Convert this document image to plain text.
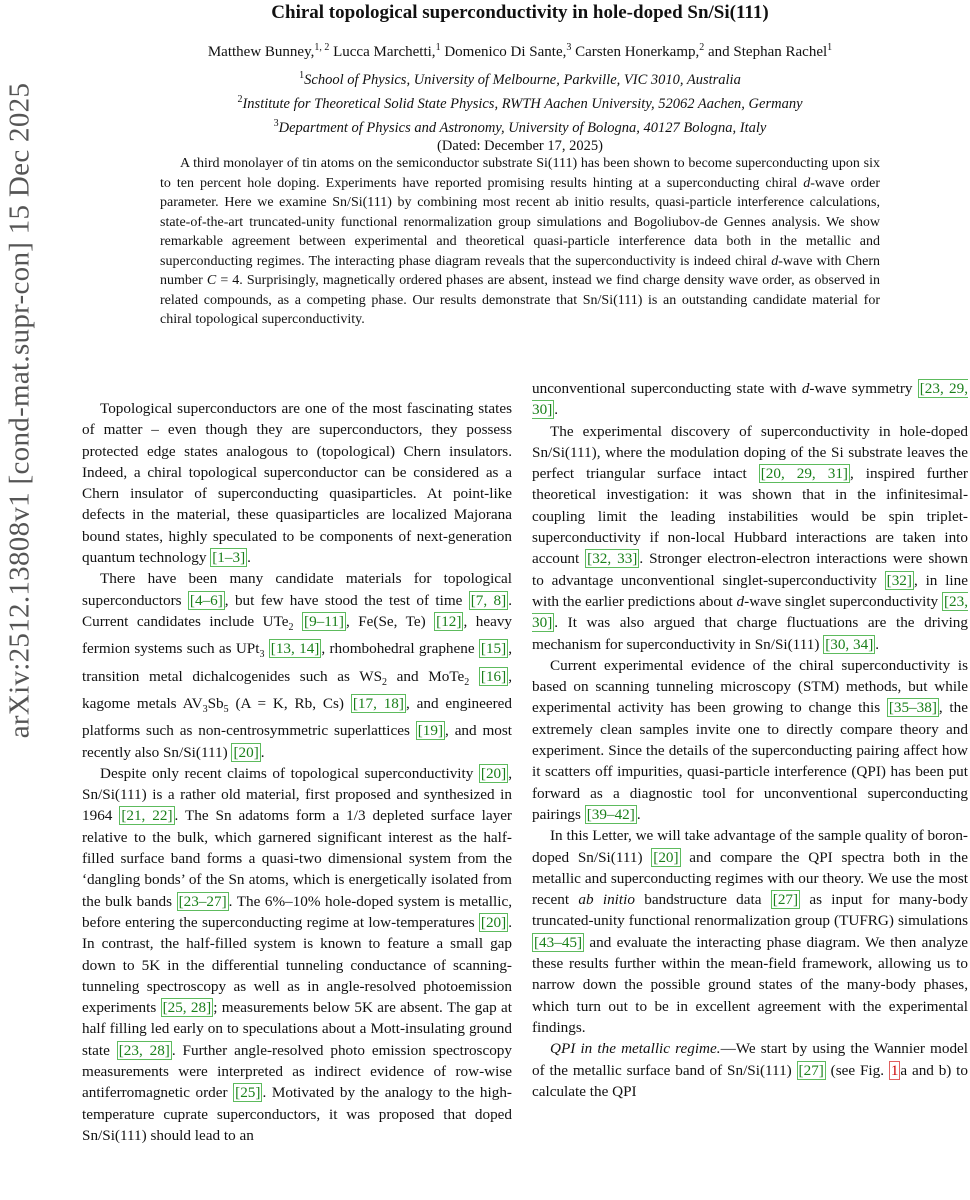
arXiv:2512.13808v1 [cond-mat.supr-con] 15 Dec 2025
Chiral topological superconductivity in hole-doped Sn/Si(111)
Matthew Bunney,$^{1, 2}$ Lucca Marchetti,$^1$ Domenico Di Sante,$^3$ Carsten Honerkamp,$^2$ and Stephan Rachel$^1$
$^1$School of Physics, University of Melbourne, Parkville, VIC 3010, Australia
$^2$Institute for Theoretical Solid State Physics, RWTH Aachen University, 52062 Aachen, Germany
$^3$Department of Physics and Astronomy, University of Bologna, 40127 Bologna, Italy
(Dated: December 17, 2025)

A third monolayer of tin atoms on the semiconductor substrate Si(111) has been shown to become superconducting upon six to ten percent hole doping. Experiments have reported promising results hinting at a superconducting chiral d-wave order parameter. Here we examine Sn/Si(111) by combining most recent ab initio results, quasi-particle interference calculations, state-of-the-art truncated-unity functional renormalization group simulations and Bogoliubov-de Gennes analysis. We show remarkable agreement between experimental and theoretical quasi-particle interference data both in the metallic and superconducting regimes. The interacting phase diagram reveals that the superconductivity is indeed chiral d-wave with Chern number C = 4. Surprisingly, magnetically ordered phases are absent, instead we find charge density wave order, as observed in related compounds, as a competing phase. Our results demonstrate that Sn/Si(111) is an outstanding candidate material for chiral topological superconductivity.

Topological superconductors are one of the most fascinating states of matter – even though they are superconductors, they possess protected edge states analogous to (topological) Chern insulators. Indeed, a chiral topological superconductor can be considered as a Chern insulator of superconducting quasiparticles. At point-like defects in the material, these quasiparticles are localized Majorana bound states, highly speculated to be components of next-generation quantum technology [1–3] .

There have been many candidate materials for topological superconductors [4–6] , but few have stood the test of time [7, 8] . Current candidates include UTe$_2$ [9–11] , Fe(Se, Te) [12] , heavy fermion systems such as UPt$_3$ [13, 14] , rhombohedral graphene [15] , transition metal dichalcogenides such as $WS_2$ and MoTe$_2$ [16] , kagome metals $AV_3Sb_5$ (A = K, Rb, Cs) [17, 18] , and engineered platforms such as non-centrosymmetric superlattices [19] , and most recently also Sn/Si(111) [20] .

Despite only recent claims of topological superconductivity [20] , Sn/Si(111) is a rather old material, first proposed and synthesized in 1964 [21, 22] . The Sn adatoms form a 1/3 depleted surface layer relative to the bulk, which garnered significant interest as the half-filled surface band forms a quasi-two dimensional system from the ‘dangling bonds’ of the Sn atoms, which is energetically isolated from the bulk bands [23–27] . The 6%–10% hole-doped system is metallic, before entering the superconducting regime at low-temperatures [20] . In contrast, the half-filled system is known to feature a small gap down to 5K in the differential tunneling conductance of scanning-tunneling spectroscopy as well as in angle-resolved photoemission experiments [25, 28] ; measurements below 5K are absent. The gap at half filling led early on to speculations about a Mott-insulating ground state [23, 28] . Further angle-resolved photo emission spectroscopy measurements were interpreted as indirect evidence of row-wise antiferromagnetic order [25] . Motivated by the analogy to the high-temperature cuprate superconductors, it was proposed that doped Sn/Si(111) should lead to an

unconventional superconducting state with d-wave symmetry [23, 29, 30] .

The experimental discovery of superconductivity in hole-doped Sn/Si(111), where the modulation doping of the Si substrate leaves the perfect triangular surface intact [20, 29, 31] , inspired further theoretical investigation: it was shown that in the infinitesimal-coupling limit the leading instabilities would be spin triplet-superconductivity if non-local Hubbard interactions are taken into account [32, 33] . Stronger electron-electron interactions were shown to advantage unconventional singlet-superconductivity [32] , in line with the earlier predictions about d-wave singlet superconductivity [23, 30] . It was also argued that charge fluctuations are the driving mechanism for superconductivity in Sn/Si(111) [30, 34] .

Current experimental evidence of the chiral superconductivity is based on scanning tunneling microscopy (STM) methods, but while experimental activity has been growing to change this [35–38] , the extremely clean samples invite one to directly compare theory and experiment. Since the details of the superconducting pairing affect how it scatters off impurities, quasi-particle interference (QPI) has been put forward as a diagnostic tool for unconventional superconducting pairings [39–42] .

In this Letter, we will take advantage of the sample quality of boron-doped Sn/Si(111) [20] and compare the QPI spectra both in the metallic and superconducting regimes with our theory. We use the most recent ab initio bandstructure data [27] as input for many-body truncated-unity functional renormalization group (TUFRG) simulations [43–45] and evaluate the interacting phase diagram. We then analyze these results further within the mean-field framework, allowing us to narrow down the possible ground states of the many-body phases, which turn out to be in excellent agreement with the experimental findings.

QPI in the metallic regime.—We start by using the Wannier model of the metallic surface band of Sn/Si(111) [27] (see Fig. 1 a and b) to calculate the QPI
